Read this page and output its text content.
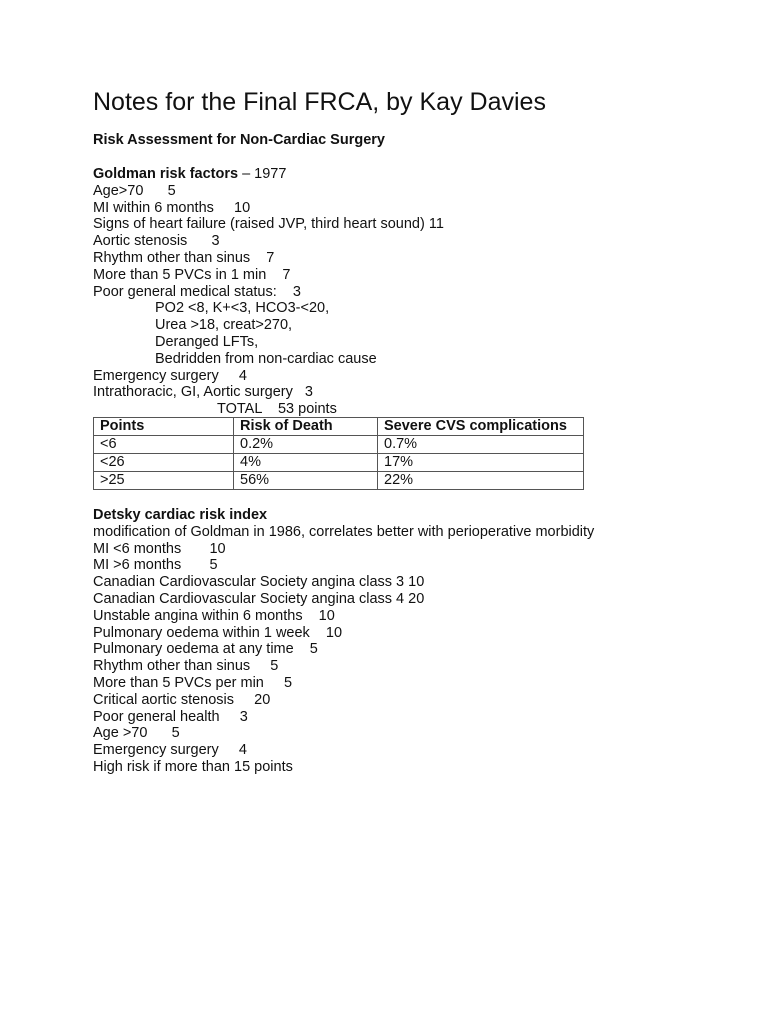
Notes for the Final FRCA, by Kay Davies
Risk Assessment for Non-Cardiac Surgery
Goldman risk factors – 1977
Age>70      5
MI within 6 months     10
Signs of heart failure (raised JVP, third heart sound) 11
Aortic stenosis      3
Rhythm other than sinus    7
More than 5 PVCs in 1 min    7
Poor general medical status:    3
PO2 <8, K+<3, HCO3-<20,
Urea >18, creat>270,
Deranged LFTs,
Bedridden from non-cardiac cause
Emergency surgery     4
Intrathoracic, GI, Aortic surgery   3
TOTAL    53 points
Points	Risk of Death	Severe CVS complications
<6	0.2%	0.7%
<26	4%	17%
>25	56%	22%
Detsky cardiac risk index
modification of Goldman in 1986, correlates better with perioperative morbidity
MI <6 months       10
MI >6 months       5
Canadian Cardiovascular Society angina class 3 10
Canadian Cardiovascular Society angina class 4 20
Unstable angina within 6 months    10
Pulmonary oedema within 1 week    10
Pulmonary oedema at any time    5
Rhythm other than sinus     5
More than 5 PVCs per min     5
Critical aortic stenosis     20
Poor general health     3
Age >70      5
Emergency surgery     4
High risk if more than 15 points
